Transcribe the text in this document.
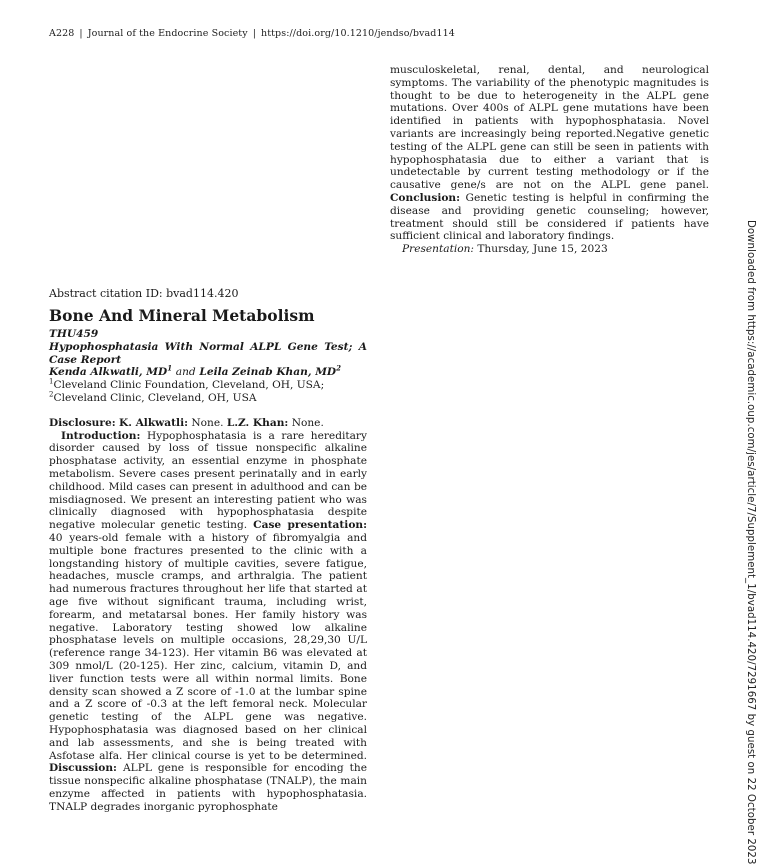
A228 | Journal of the Endocrine Society | https://doi.org/10.1210/jendso/bvad114

musculoskeletal, renal, dental, and neurological symptoms. The variability of the phenotypic magnitudes is thought to be due to heterogeneity in the ALPL gene mutations. Over 400s of ALPL gene mutations have been identified in patients with hypophosphatasia. Novel variants are increasingly being reported.Negative genetic testing of the ALPL gene can still be seen in patients with hypophosphatasia due to either a variant that is undetectable by current testing methodology or if the causative gene/s are not on the ALPL gene panel. Conclusion: Genetic testing is helpful in confirming the disease and providing genetic counseling; however, treatment should still be considered if patients have sufficient clinical and laboratory findings.

Presentation: Thursday, June 15, 2023

Abstract citation ID: bvad114.420

Bone And Mineral Metabolism

THU459

Hypophosphatasia With Normal ALPL Gene Test; A Case Report

Kenda Alkwatli, $MD^1$ and Leila Zeinab Khan, $MD^2$

$^1$Cleveland Clinic Foundation, Cleveland, OH, USA; $^2$Cleveland Clinic, Cleveland, OH, USA

Disclosure: K. Alkwatli: None. L.Z. Khan: None.

Introduction: Hypophosphatasia is a rare hereditary disorder caused by loss of tissue nonspecific alkaline phosphatase activity, an essential enzyme in phosphate metabolism. Severe cases present perinatally and in early childhood. Mild cases can present in adulthood and can be misdiagnosed. We present an interesting patient who was clinically diagnosed with hypophosphatasia despite negative molecular genetic testing. Case presentation: 40 years-old female with a history of fibromyalgia and multiple bone fractures presented to the clinic with a longstanding history of multiple cavities, severe fatigue, headaches, muscle cramps, and arthralgia. The patient had numerous fractures throughout her life that started at age five without significant trauma, including wrist, forearm, and metatarsal bones. Her family history was negative. Laboratory testing showed low alkaline phosphatase levels on multiple occasions, 28,29,30 U/L (reference range 34-123). Her vitamin B6 was elevated at 309 nmol/L (20-125). Her zinc, calcium, vitamin D, and liver function tests were all within normal limits. Bone density scan showed a Z score of -1.0 at the lumbar spine and a Z score of -0.3 at the left femoral neck. Molecular genetic testing of the ALPL gene was negative. Hypophosphatasia was diagnosed based on her clinical and lab assessments, and she is being treated with Asfotase alfa. Her clinical course is yet to be determined. Discussion: ALPL gene is responsible for encoding the tissue nonspecific alkaline phosphatase (TNALP), the main enzyme affected in patients with hypophosphatasia. TNALP degrades inorganic pyrophosphate	Downloaded from https://academic.oup.com/jes/article/7/Supplement_1/bvad114.420/7291667 by guest on 22 October 2023
